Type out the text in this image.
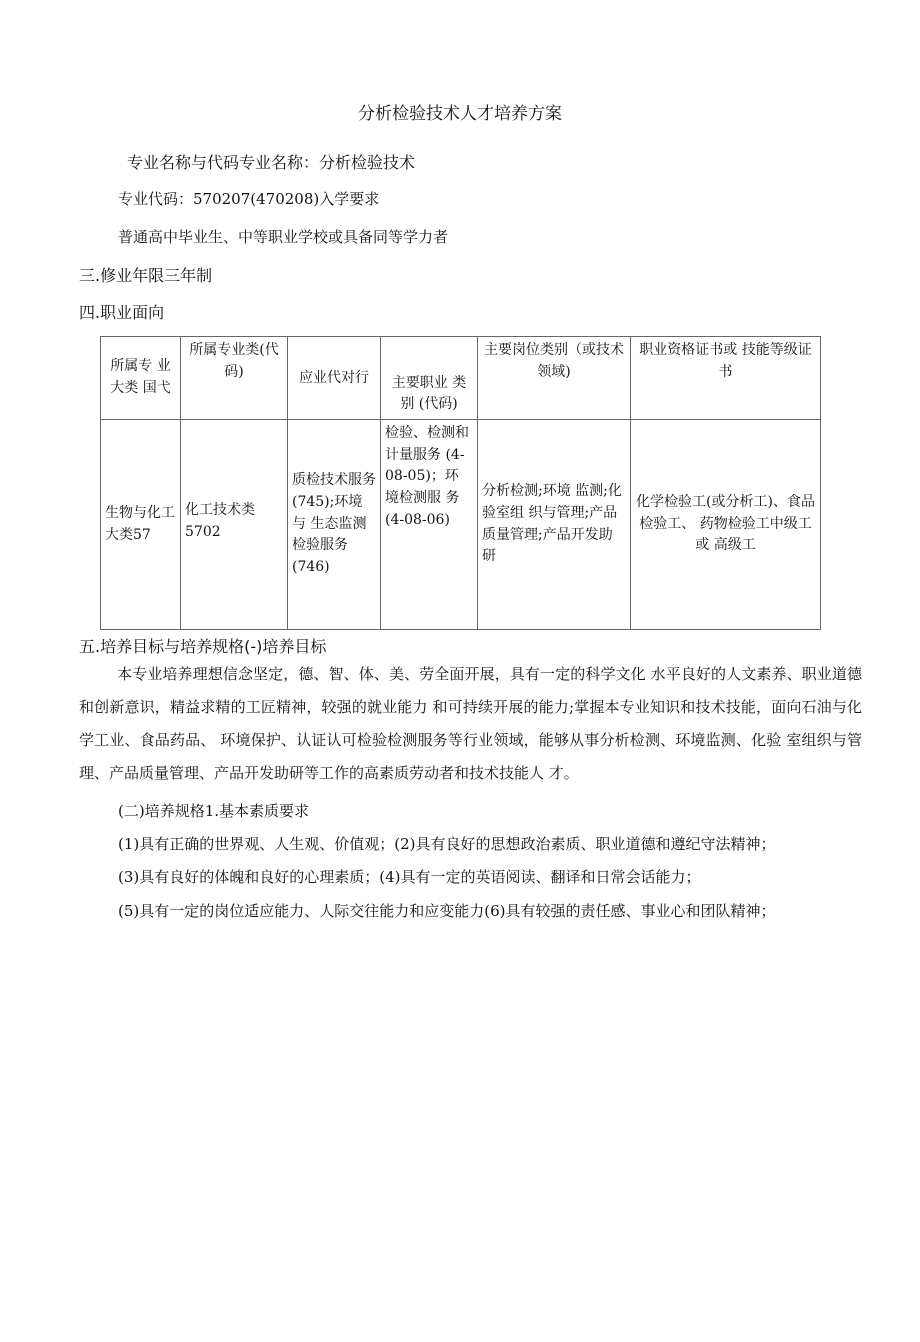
分析检验技术人才培养方案
专业名称与代码专业名称：分析检验技术
专业代码：570207(470208)入学要求
普通高中毕业生、中等职业学校或具备同等学力者
三.修业年限三年制
四.职业面向
所属专 业大类 国弋	所属专业类(代码)	应业代对行	主要职业 类别 (代码)	主要岗位类别（或技术领域)	职业资格证书或 技能等级证书
生物与化工大类57	化工技术类5702	质检技术服务(745);环境与 生态监测 检验服务(746)	检验、检测和计量服务 (4-08-05)；环 境检测服 务(4-08-06)	分析检测;环境 监测;化验室组 织与管理;产品 质量管理;产品开发助研	化学检验工(或分析工)、食品检验工、 药物检验工中级工或 高级工
五.培养目标与培养规格(-)培养目标
本专业培养理想信念坚定，德、智、体、美、劳全面开展，具有一定的科学文化 水平良好的人文素养、职业道德和创新意识，精益求精的工匠精神，较强的就业能力 和可持续开展的能力;掌握本专业知识和技术技能，面向石油与化学工业、食品药品、 环境保护、认证认可检验检测服务等行业领域，能够从事分析检测、环境监测、化验 室组织与管理、产品质量管理、产品开发助研等工作的高素质劳动者和技术技能人 才。
(二)培养规格1.基本素质要求
(1)具有正确的世界观、人生观、价值观；(2)具有良好的思想政治素质、职业道德和遵纪守法精神；
(3)具有良好的体魄和良好的心理素质；(4)具有一定的英语阅读、翻译和日常会话能力；
(5)具有一定的岗位适应能力、人际交往能力和应变能力(6)具有较强的责任感、事业心和团队精神；
